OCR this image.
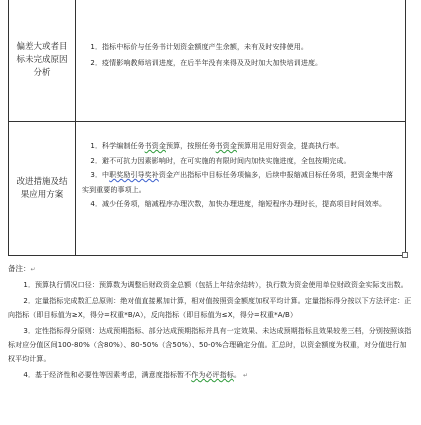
偏差大或者目标未完成原因分析

1．指标中标价与任务书计划资金额度产生余额，未有及时安排使用。

2．疫情影响教师培训进度，在后半年没有来得及及时加大加快培训进度。

改进措施及结果应用方案

1．科学编制任务书资金预算，按照任务书资金预算用足用好资金，提高执行率。

2．避不可抗力因素影响时，在可实施的有限时间内加快实施进度，全包按期完成。

3．中职奖励引导奖补资金产出指标中目标任务项偏多，后续申报缩减目标任务项，把资金集中落实到重要的事项上。

4．减少任务项，缩减程序办理次数，加快办理进度，缩短程序办理时长，提高项目时间效率。

备注：↵

1．预算执行情况口径：预算数为调整后财政资金总额（包括上年结余结转），执行数为资金使用单位财政资金实际支出数。

2．定量指标完成数汇总原则：绝对值直接累加计算，相对值按照资金额度加权平均计算。定量指标得分按以下方法评定：正向指标（即目标值为≥X，得分=权重*B/A），反向指标（即目标值为≤X，得分=权重*A/B）

3．定性指标得分原则：达成预期指标、部分达成预期指标并具有一定效果、未达成预期指标且效果较差三档，分别按照该指标对应分值区间100-80%（含80%）、80-50%（含50%）、50-0%合理确定分值。汇总时，以资金额度为权重，对分值进行加权平均计算。

4．基于经济性和必要性等因素考虑，满意度指标暂不作为必评指标。 ↵
